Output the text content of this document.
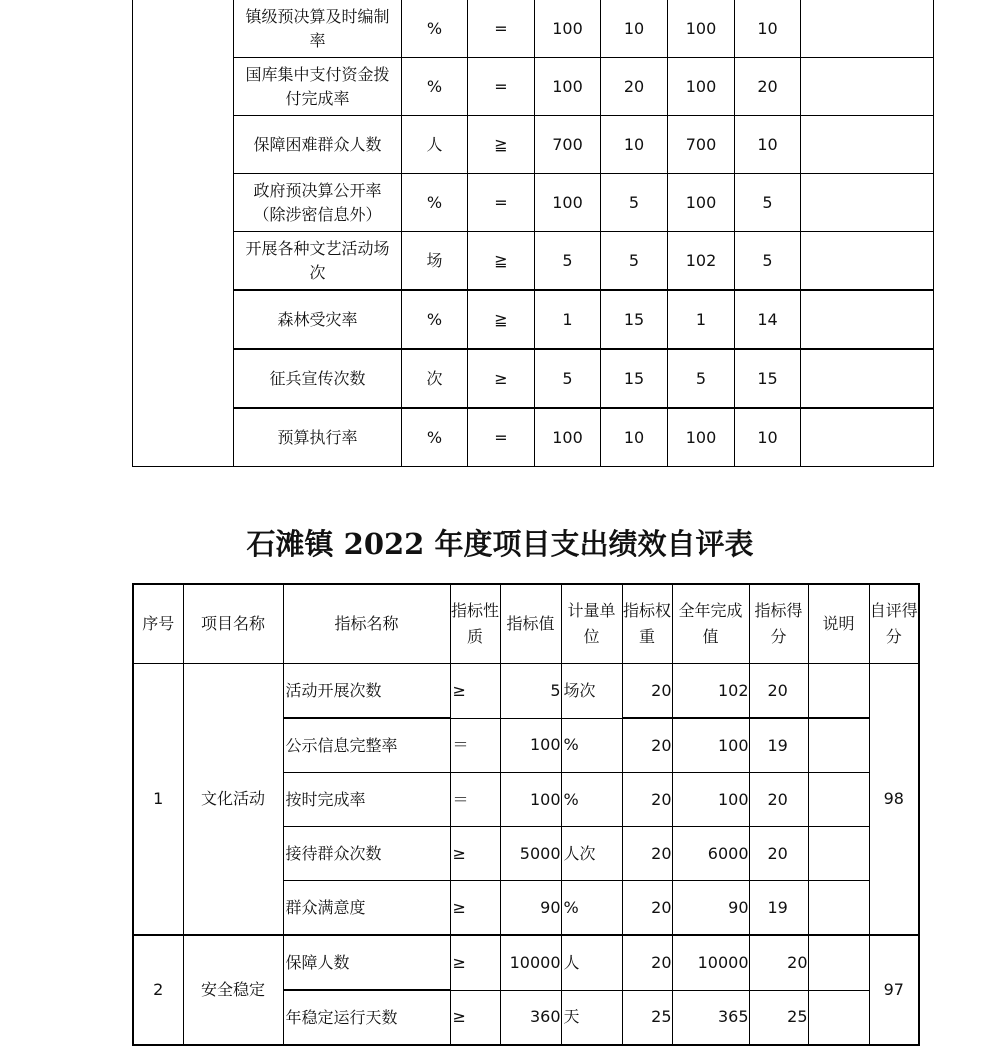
	镇级预决算及时编制率	%	=	100	10	100	10	
	国库集中支付资金拨付完成率	%	=	100	20	100	20	
	保障困难群众人数	人	≧	700	10	700	10	
	政府预决算公开率（除涉密信息外）	%	=	100	5	100	5	
	开展各种文艺活动场次	场	≧	5	5	102	5	
	森林受灾率	%	≧	1	15	1	14	
	征兵宣传次数	次	≥	5	15	5	15	
	预算执行率	%	=	100	10	100	10	
石滩镇 2022 年度项目支出绩效自评表
序号	项目名称	指标名称	指标性质	指标值	计量单位	指标权重	全年完成值	指标得分	说明	自评得分
1	文化活动	活动开展次数	≥	5	场次	20	102	20		98
		公示信息完整率	＝	100	%	20	100	19		
		按时完成率	＝	100	%	20	100	20		
		接待群众次数	≥	5000	人次	20	6000	20		
		群众满意度	≥	90	%	20	90	19		
2	安全稳定	保障人数	≥	10000	人	20	10000	20		97
		年稳定运行天数	≥	360	天	25	365	25		
